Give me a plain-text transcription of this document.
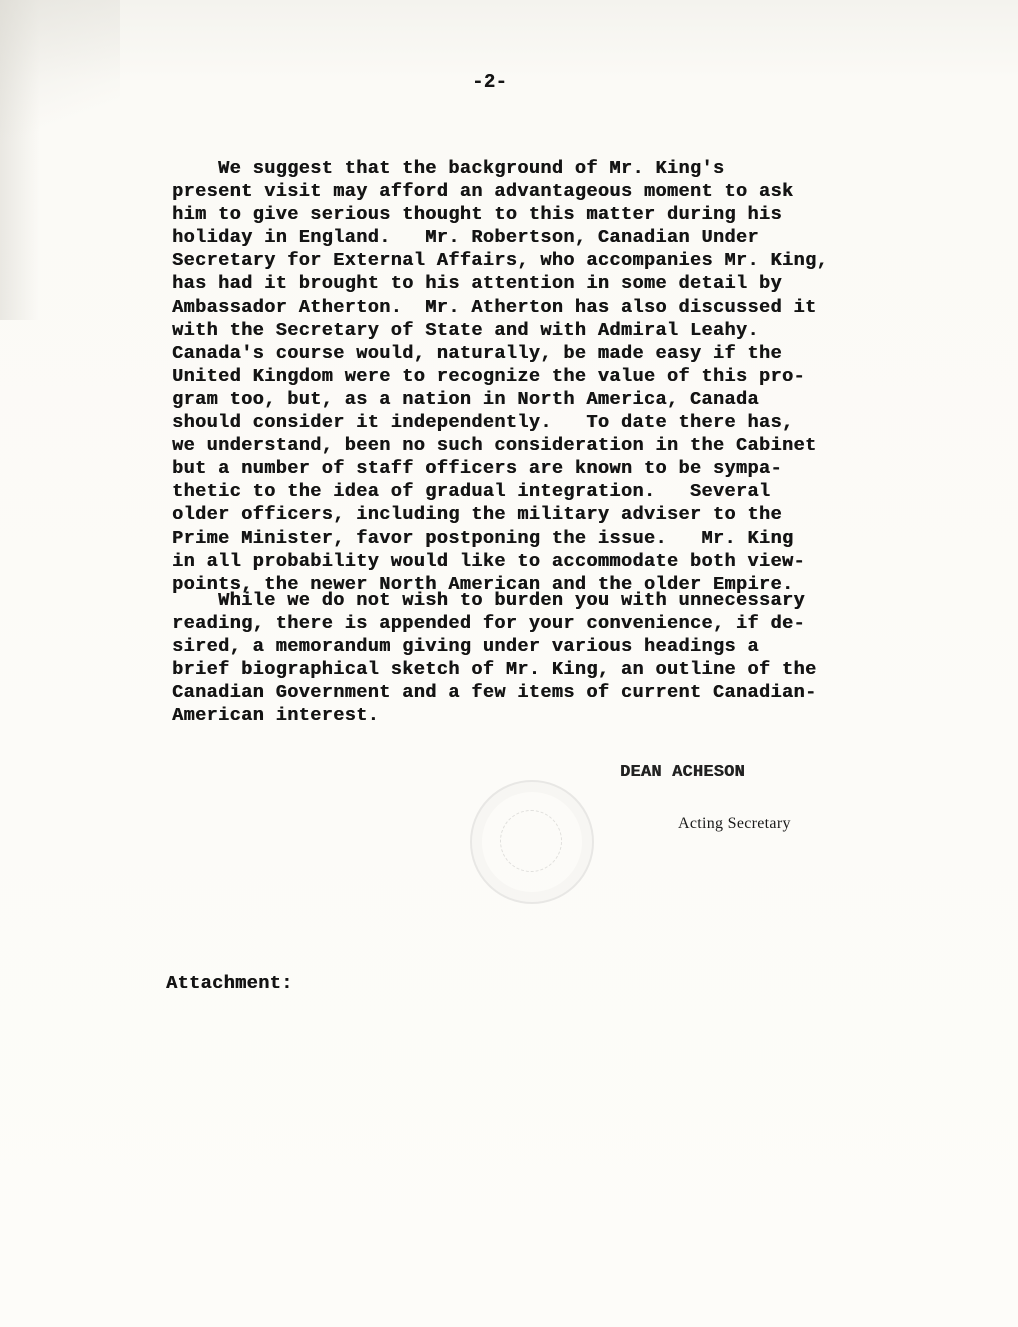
-2-
We suggest that the background of Mr. King's
present visit may afford an advantageous moment to ask
him to give serious thought to this matter during his
holiday in England.   Mr. Robertson, Canadian Under
Secretary for External Affairs, who accompanies Mr. King,
has had it brought to his attention in some detail by
Ambassador Atherton.  Mr. Atherton has also discussed it
with the Secretary of State and with Admiral Leahy.
Canada's course would, naturally, be made easy if the
United Kingdom were to recognize the value of this pro-
gram too, but, as a nation in North America, Canada
should consider it independently.   To date there has,
we understand, been no such consideration in the Cabinet
but a number of staff officers are known to be sympa-
thetic to the idea of gradual integration.   Several
older officers, including the military adviser to the
Prime Minister, favor postponing the issue.   Mr. King
in all probability would like to accommodate both view-
points, the newer North American and the older Empire.
While we do not wish to burden you with unnecessary
reading, there is appended for your convenience, if de-
sired, a memorandum giving under various headings a
brief biographical sketch of Mr. King, an outline of the
Canadian Government and a few items of current Canadian-
American interest.
DEAN ACHESON
Acting Secretary
Attachment:
